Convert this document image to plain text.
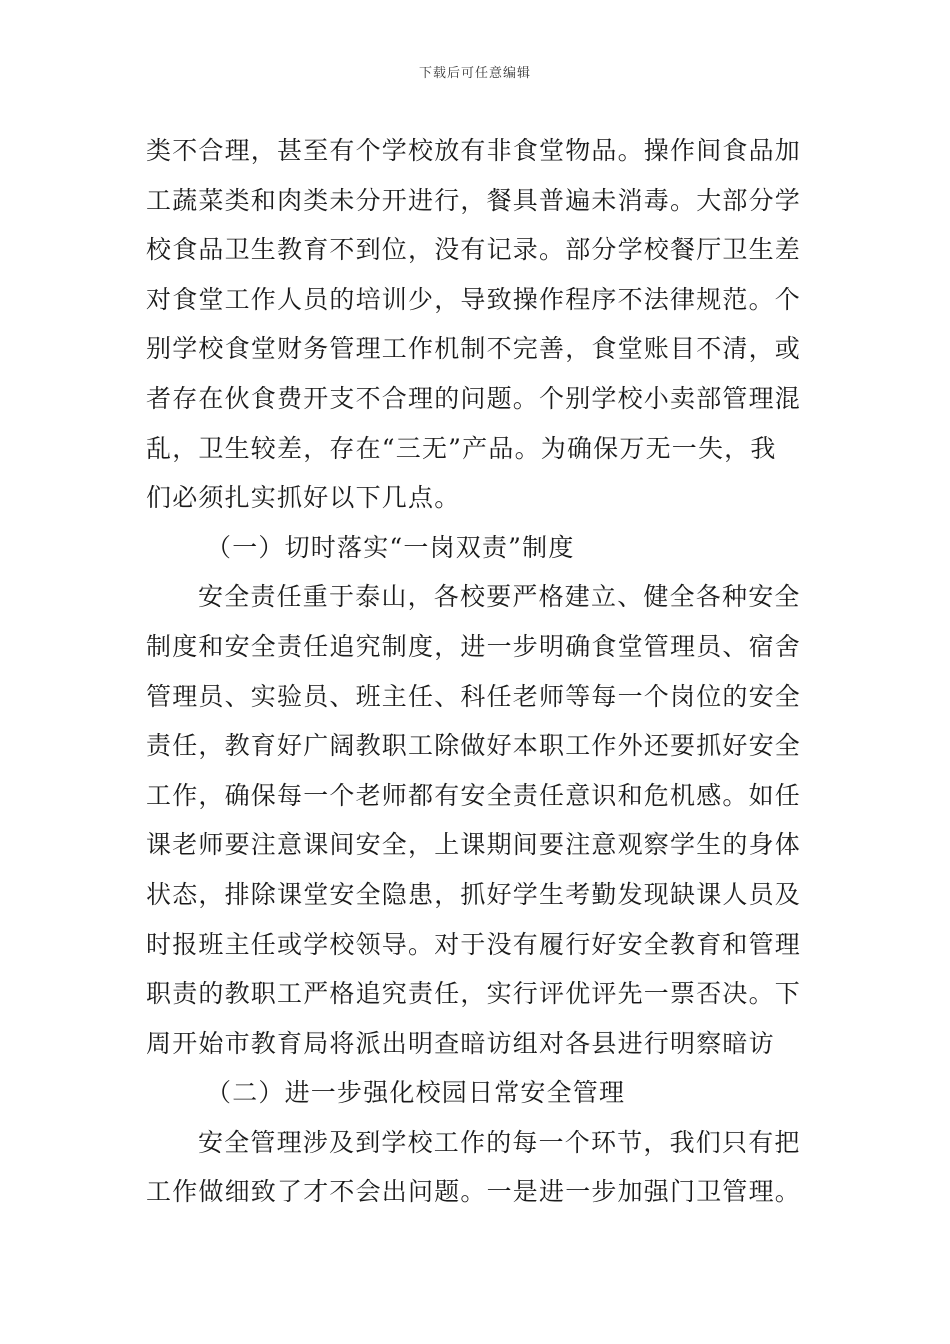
下载后可任意编辑
类不合理，甚至有个学校放有非食堂物品。操作间食品加
工蔬菜类和肉类未分开进行，餐具普遍未消毒。大部分学
校食品卫生教育不到位，没有记录。部分学校餐厅卫生差
对食堂工作人员的培训少，导致操作程序不法律规范。个
别学校食堂财务管理工作机制不完善，食堂账目不清，或
者存在伙食费开支不合理的问题。个别学校小卖部管理混
乱，卫生较差，存在“三无”产品。为确保万无一失，我
们必须扎实抓好以下几点。
（一）切时落实“一岗双责”制度
安全责任重于泰山，各校要严格建立、健全各种安全
制度和安全责任追究制度，进一步明确食堂管理员、宿舍
管理员、实验员、班主任、科任老师等每一个岗位的安全
责任，教育好广阔教职工除做好本职工作外还要抓好安全
工作，确保每一个老师都有安全责任意识和危机感。如任
课老师要注意课间安全，上课期间要注意观察学生的身体
状态，排除课堂安全隐患，抓好学生考勤发现缺课人员及
时报班主任或学校领导。对于没有履行好安全教育和管理
职责的教职工严格追究责任，实行评优评先一票否决。下
周开始市教育局将派出明查暗访组对各县进行明察暗访
（二）进一步强化校园日常安全管理
安全管理涉及到学校工作的每一个环节，我们只有把
工作做细致了才不会出问题。一是进一步加强门卫管理。
